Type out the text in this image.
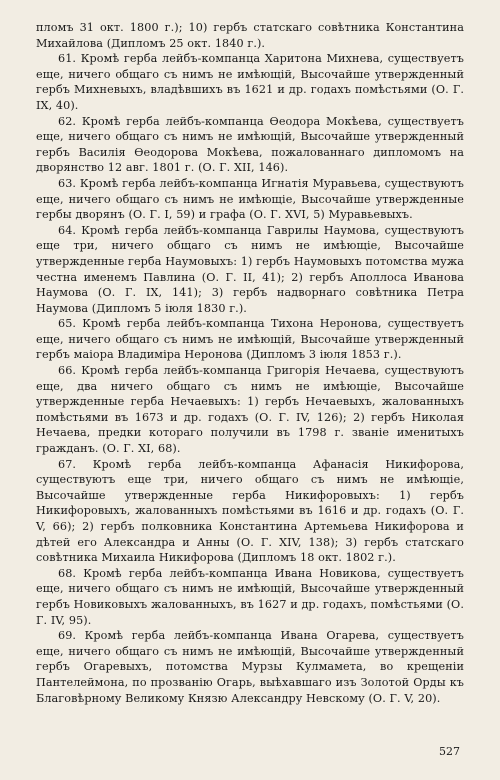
пломъ 31 окт. 1800 г.); 10) гербъ статскаго совѣтника Константина Михайлова (Дипломъ 25 окт. 1840 г.).

61. Кромѣ герба лейбъ-компанца Харитона Михнева, существуетъ еще, ничего общаго съ нимъ не имѣющій, Высочайше утвержденный гербъ Михневыхъ, владѣвшихъ въ 1621 и др. годахъ помѣстьями (О. Г. IX, 40).

62. Кромѣ герба лейбъ-компанца Ѳеодора Мокѣева, существуетъ еще, ничего общаго съ нимъ не имѣющій, Высочайше утвержденный гербъ Василія Ѳеодорова Мокѣева, пожалованнаго дипломомъ на дворянство 12 авг. 1801 г. (О. Г. XII, 146).

63. Кромѣ герба лейбъ-компанца Игнатія Муравьева, существуютъ еще, ничего общаго съ нимъ не имѣющіе, Высочайше утвержденные гербы дворянъ (О. Г. I, 59) и графа (О. Г. XVI, 5) Муравьевыхъ.

64. Кромѣ герба лейбъ-компанца Гаврилы Наумова, существуютъ еще три, ничего общаго съ нимъ не имѣющіе, Высочайше утвержденные герба Наумовыхъ: 1) гербъ Наумовыхъ потомства мужа честна именемъ Павлина (О. Г. II, 41); 2) гербъ Аполлоса Иванова Наумова (О. Г. IX, 141); 3) гербъ надворнаго совѣтника Петра Наумова (Дипломъ 5 іюля 1830 г.).

65. Кромѣ герба лейбъ-компанца Тихона Неронова, существуетъ еще, ничего общаго съ нимъ не имѣющій, Высочайше утвержденный гербъ маіора Владиміра Неронова (Дипломъ 3 іюля 1853 г.).

66. Кромѣ герба лейбъ-компанца Григорія Нечаева, существуютъ еще, два ничего общаго съ нимъ не имѣющіе, Высочайше утвержденные герба Нечаевыхъ: 1) гербъ Нечаевыхъ, жалованныхъ помѣстьями въ 1673 и др. годахъ (О. Г. IV, 126); 2) гербъ Николая Нечаева, предки котораго получили въ 1798 г. званіе именитыхъ гражданъ. (О. Г. XI, 68).

67. Кромѣ герба лейбъ-компанца Афанасія Никифорова, существуютъ еще три, ничего общаго съ нимъ не имѣющіе, Высочайше утвержденные герба Никифоровыхъ: 1) гербъ Никифоровыхъ, жалованныхъ помѣстьями въ 1616 и др. годахъ (О. Г. V, 66); 2) гербъ полковника Константина Артемьева Никифорова и дѣтей его Александра и Анны (О. Г. XIV, 138); 3) гербъ статскаго совѣтника Михаила Никифорова (Дипломъ 18 окт. 1802 г.).

68. Кромѣ герба лейбъ-компанца Ивана Новикова, существуетъ еще, ничего общаго съ нимъ не имѣющій, Высочайше утвержденный гербъ Новиковыхъ жалованныхъ, въ 1627 и др. годахъ, помѣстьями (О. Г. IV, 95).

69. Кромѣ герба лейбъ-компанца Ивана Огарева, существуетъ еще, ничего общаго съ нимъ не имѣющій, Высочайше утвержденный гербъ Огаревыхъ, потомства Мурзы Кулмамета, во крещеніи Пантелеймона, по прозванію Огарь, выѣхавшаго изъ Золотой Орды къ Благовѣрному Великому Князю Александру Невскому (О. Г. V, 20).

527
